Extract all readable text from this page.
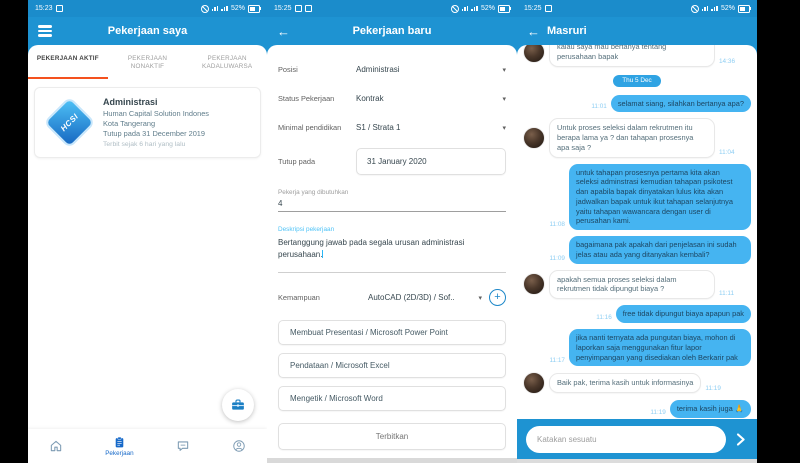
15:23	52%
Pekerjaan saya
PEKERJAAN AKTIF	PEKERJAAN NONAKTIF
PEKERJAAN KADALUWARSA
HCSI
Administrasi
Human Capital Solution Indones
Kota Tangerang
Tutup pada 31 December 2019
Terbit sejak 6 hari yang lalu
Pekerjaan
15:25	52%
←	Pekerjaan baru
Posisi	Administrasi	▾
Status Pekerjaan	Kontrak	▾
Minimal pendidikan	S1 / Strata 1	▾
Tutup pada	31 January 2020
Pekerja yang dibutuhkan
4
Deskripsi pekerjaan
Bertanggung jawab pada segala urusan administrasi perusahaan.
Kemampuan	AutoCAD (2D/3D) / Sof..	▾ +
Membuat Presentasi / Microsoft Power Point
Pendataan / Microsoft Excel
Mengetik / Microsoft Word
Terbitkan
15:25	52%
← Masruri
kalau saya mau bertanya tentang perusahaan bapak
14:36
Thu 5 Dec
11:01	selamat siang, silahkan bertanya apa?
Untuk proses seleksi dalam rekrutmen itu berapa lama ya ? dan tahapan prosesnya apa saja ?
11:04
11:08
untuk tahapan prosesnya pertama kita akan seleksi adminstrasi kemudian tahapan psikotest dan apabila bapak dinyatakan lulus kita akan jadwalkan bapak untuk ikut tahapan selanjutnya yaitu tahapan wawancara dengan user di perusahan kami.
11:09
bagaimana pak apakah dari penjelasan ini sudah jelas atau ada yang ditanyakan kembali?
apakah semua proses seleksi dalam rekrutmen tidak dipungut biaya ?
11:11
11:16	free tidak dipungut biaya apapun pak
11:17
jika nanti ternyata ada pungutan biaya, mohon di laporkan saja menggunakan fitur lapor penyimpangan yang disediakan oleh Berkarir pak
Baik pak, terima kasih untuk informasinya
11:19
11:19	terima kasih juga 🙏
Katakan sesuatu
